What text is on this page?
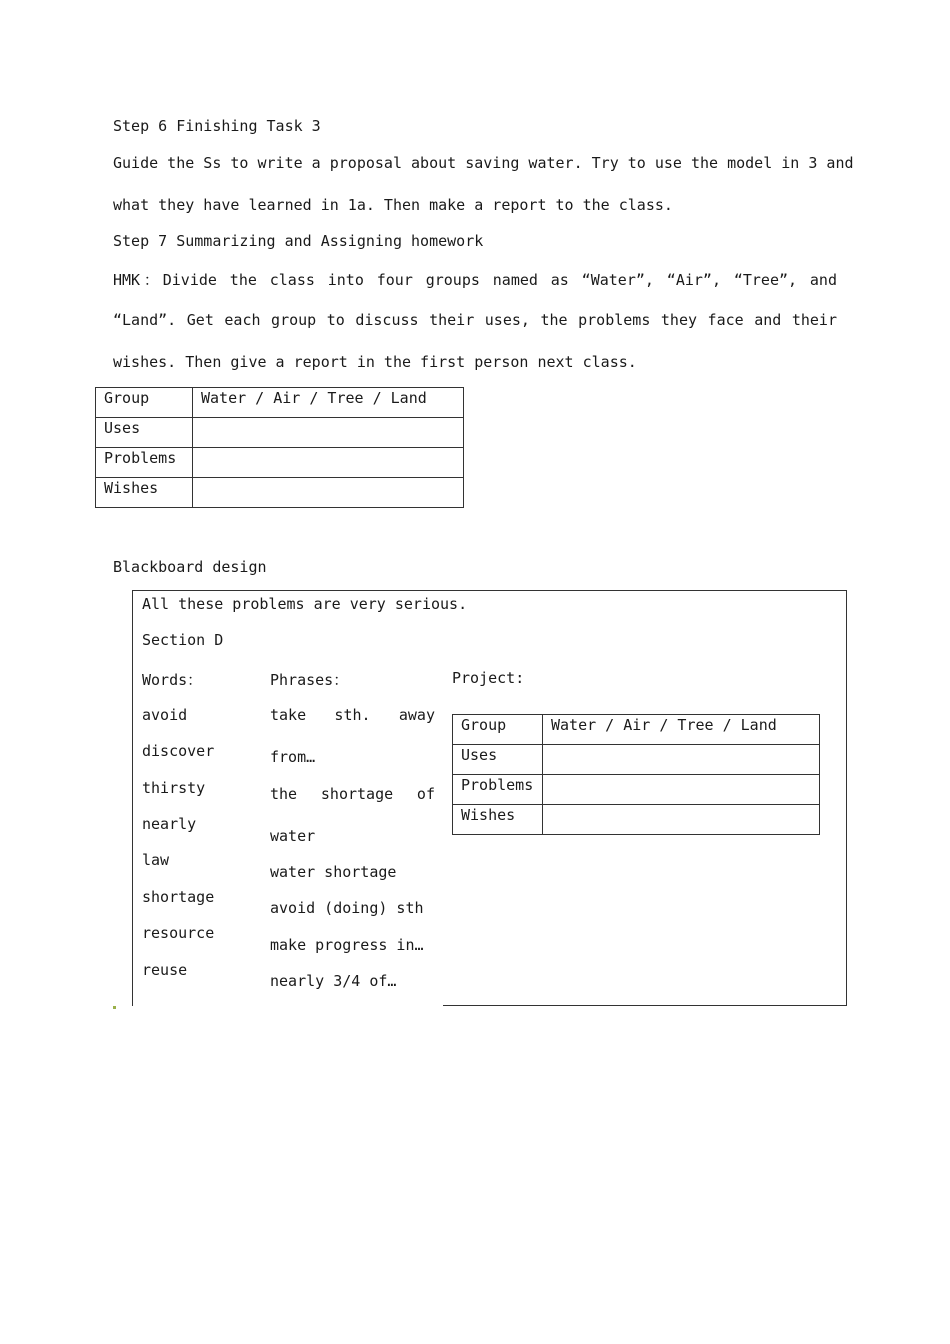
Step 6 Finishing Task 3
Guide the Ss to write a proposal about saving water. Try to use the model in 3 and
what they have learned in 1a. Then make a report to the class.
Step 7 Summarizing and Assigning homework
HMK：Divide the class into four groups named as “Water”, “Air”, “Tree”, and
“Land”. Get each group to discuss their uses, the problems they face and their
wishes. Then give a report in the first person next class.
Group	Water / Air / Tree / Land
Uses	
Problems	
Wishes	
Blackboard design
All these problems are very serious.
Section D
Words：	Phrases：	Project:
avoid
discover
thirsty
nearly
law
shortage
resource
reuse
take sth. away
from…
the shortage of
water
water shortage
avoid (doing) sth
make progress in…
nearly 3/4 of…
Group	Water / Air / Tree / Land
Uses	
Problems	
Wishes	
